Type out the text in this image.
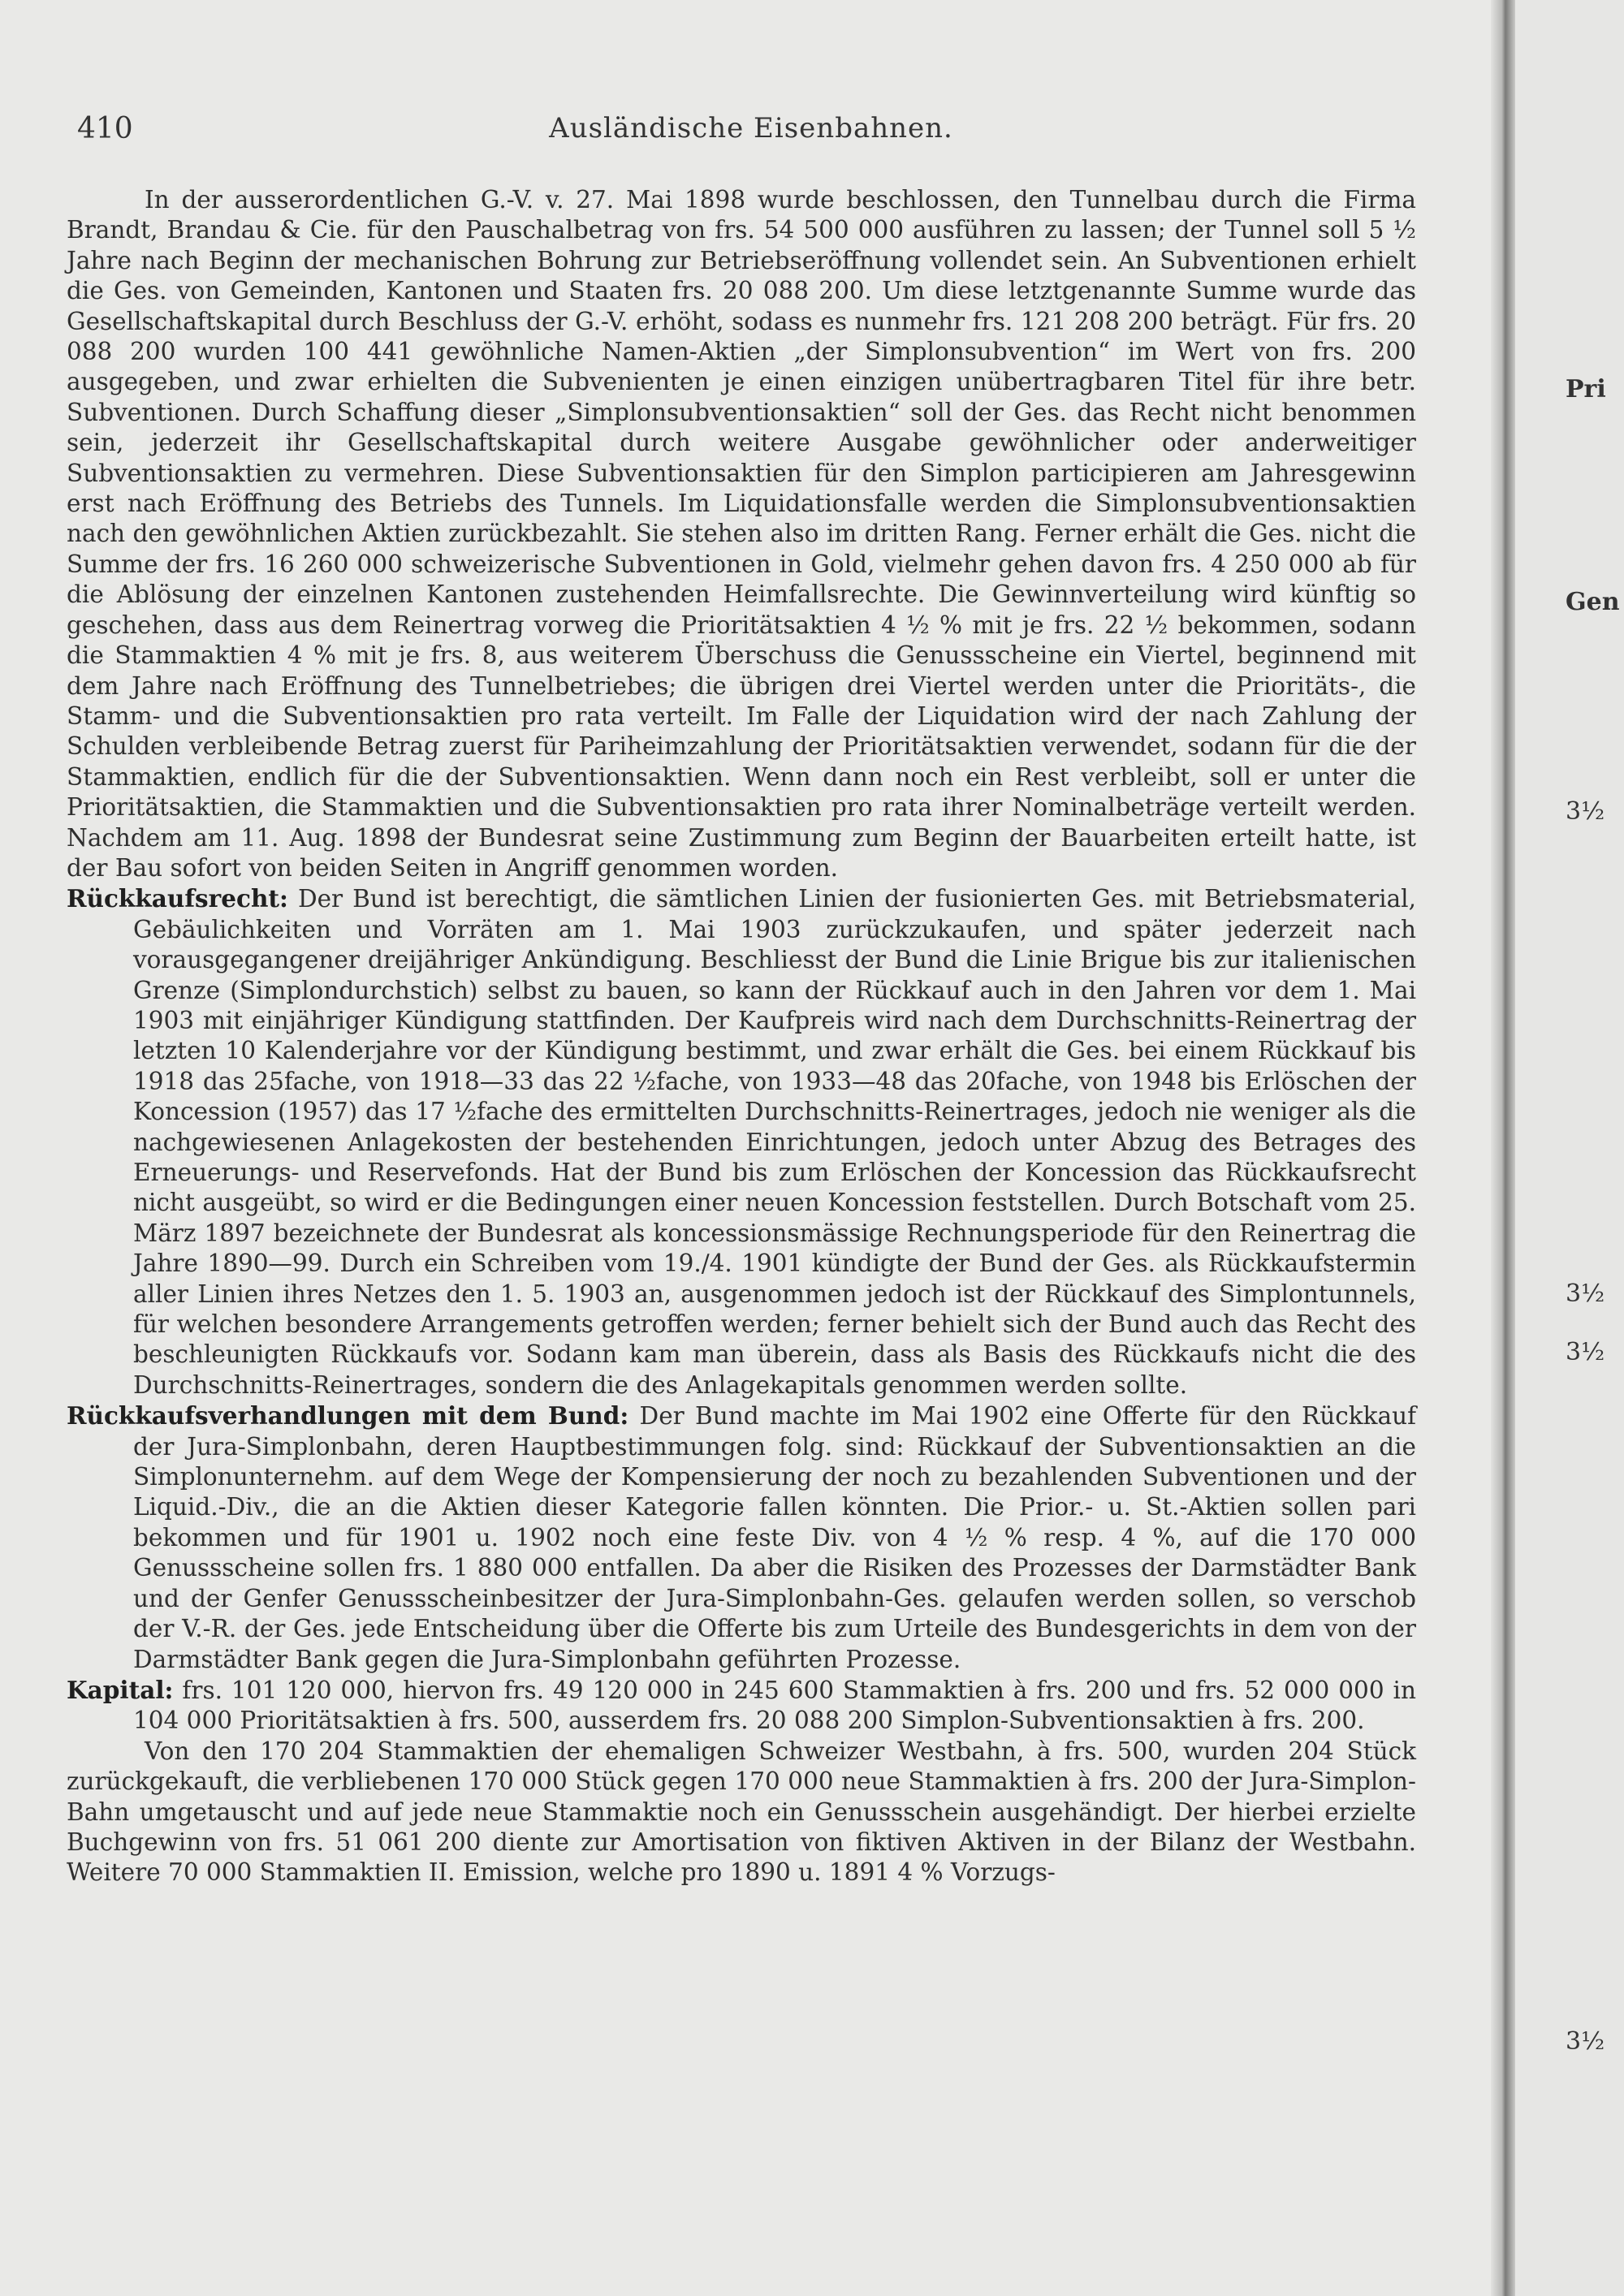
410	Ausländische Eisenbahnen.

In der ausserordentlichen G.-V. v. 27. Mai 1898 wurde beschlossen, den Tunnelbau durch die Firma Brandt, Brandau & Cie. für den Pauschalbetrag von frs. 54 500 000 ausführen zu lassen; der Tunnel soll 5 ½ Jahre nach Beginn der mechanischen Bohrung zur Betriebseröffnung vollendet sein. An Subventionen erhielt die Ges. von Gemeinden, Kantonen und Staaten frs. 20 088 200. Um diese letztgenannte Summe wurde das Gesellschaftskapital durch Beschluss der G.-V. erhöht, sodass es nunmehr frs. 121 208 200 beträgt. Für frs. 20 088 200 wurden 100 441 gewöhnliche Namen-Aktien „der Simplonsubvention“ im Wert von frs. 200 ausgegeben, und zwar erhielten die Subvenienten je einen einzigen unübertragbaren Titel für ihre betr. Subventionen. Durch Schaffung dieser „Simplonsubventionsaktien“ soll der Ges. das Recht nicht benommen sein, jederzeit ihr Gesellschaftskapital durch weitere Ausgabe gewöhnlicher oder anderweitiger Subventionsaktien zu vermehren. Diese Subventionsaktien für den Simplon participieren am Jahresgewinn erst nach Eröffnung des Betriebs des Tunnels. Im Liquidationsfalle werden die Simplonsubventionsaktien nach den gewöhnlichen Aktien zurückbezahlt. Sie stehen also im dritten Rang. Ferner erhält die Ges. nicht die Summe der frs. 16 260 000 schweizerische Subventionen in Gold, vielmehr gehen davon frs. 4 250 000 ab für die Ablösung der einzelnen Kantonen zustehenden Heimfallsrechte. Die Gewinnverteilung wird künftig so geschehen, dass aus dem Reinertrag vorweg die Prioritätsaktien 4 ½ % mit je frs. 22 ½ bekommen, sodann die Stammaktien 4 % mit je frs. 8, aus weiterem Überschuss die Genussscheine ein Viertel, beginnend mit dem Jahre nach Eröffnung des Tunnelbetriebes; die übrigen drei Viertel werden unter die Prioritäts-, die Stamm- und die Subventionsaktien pro rata verteilt. Im Falle der Liquidation wird der nach Zahlung der Schulden verbleibende Betrag zuerst für Pariheimzahlung der Prioritätsaktien verwendet, sodann für die der Stammaktien, endlich für die der Subventionsaktien. Wenn dann noch ein Rest verbleibt, soll er unter die Prioritätsaktien, die Stammaktien und die Subventionsaktien pro rata ihrer Nominalbeträge verteilt werden. Nachdem am 11. Aug. 1898 der Bundesrat seine Zustimmung zum Beginn der Bauarbeiten erteilt hatte, ist der Bau sofort von beiden Seiten in Angriff genommen worden.

Rückkaufsrecht: Der Bund ist berechtigt, die sämtlichen Linien der fusionierten Ges. mit Betriebsmaterial, Gebäulichkeiten und Vorräten am 1. Mai 1903 zurückzukaufen, und später jederzeit nach vorausgegangener dreijähriger Ankündigung. Beschliesst der Bund die Linie Brigue bis zur italienischen Grenze (Simplondurchstich) selbst zu bauen, so kann der Rückkauf auch in den Jahren vor dem 1. Mai 1903 mit einjähriger Kündigung stattfinden. Der Kaufpreis wird nach dem Durchschnitts-Reinertrag der letzten 10 Kalenderjahre vor der Kündigung bestimmt, und zwar erhält die Ges. bei einem Rückkauf bis 1918 das 25fache, von 1918—33 das 22 ½fache, von 1933—48 das 20fache, von 1948 bis Erlöschen der Koncession (1957) das 17 ½fache des ermittelten Durchschnitts-Reinertrages, jedoch nie weniger als die nachgewiesenen Anlagekosten der bestehenden Einrichtungen, jedoch unter Abzug des Betrages des Erneuerungs- und Reservefonds. Hat der Bund bis zum Erlöschen der Koncession das Rückkaufsrecht nicht ausgeübt, so wird er die Bedingungen einer neuen Koncession feststellen. Durch Botschaft vom 25. März 1897 bezeichnete der Bundesrat als koncessionsmässige Rechnungsperiode für den Reinertrag die Jahre 1890—99. Durch ein Schreiben vom 19./4. 1901 kündigte der Bund der Ges. als Rückkaufstermin aller Linien ihres Netzes den 1. 5. 1903 an, ausgenommen jedoch ist der Rückkauf des Simplontunnels, für welchen besondere Arrangements getroffen werden; ferner behielt sich der Bund auch das Recht des beschleunigten Rückkaufs vor. Sodann kam man überein, dass als Basis des Rückkaufs nicht die des Durchschnitts-Reinertrages, sondern die des Anlagekapitals genommen werden sollte.

Rückkaufsverhandlungen mit dem Bund: Der Bund machte im Mai 1902 eine Offerte für den Rückkauf der Jura-Simplonbahn, deren Hauptbestimmungen folg. sind: Rückkauf der Subventionsaktien an die Simplonunternehm. auf dem Wege der Kompensierung der noch zu bezahlenden Subventionen und der Liquid.-Div., die an die Aktien dieser Kategorie fallen könnten. Die Prior.- u. St.-Aktien sollen pari bekommen und für 1901 u. 1902 noch eine feste Div. von 4 ½ % resp. 4 %, auf die 170 000 Genussscheine sollen frs. 1 880 000 entfallen. Da aber die Risiken des Prozesses der Darmstädter Bank und der Genfer Genussscheinbesitzer der Jura-Simplonbahn-Ges. gelaufen werden sollen, so verschob der V.-R. der Ges. jede Entscheidung über die Offerte bis zum Urteile des Bundesgerichts in dem von der Darmstädter Bank gegen die Jura-Simplonbahn geführten Prozesse.

Kapital: frs. 101 120 000, hiervon frs. 49 120 000 in 245 600 Stammaktien à frs. 200 und frs. 52 000 000 in 104 000 Prioritätsaktien à frs. 500, ausserdem frs. 20 088 200 Simplon-Subventionsaktien à frs. 200.

Von den 170 204 Stammaktien der ehemaligen Schweizer Westbahn, à frs. 500, wurden 204 Stück zurückgekauft, die verbliebenen 170 000 Stück gegen 170 000 neue Stammaktien à frs. 200 der Jura-Simplon-Bahn umgetauscht und auf jede neue Stammaktie noch ein Genussschein ausgehändigt. Der hierbei erzielte Buchgewinn von frs. 51 061 200 diente zur Amortisation von fiktiven Aktiven in der Bilanz der Westbahn. Weitere 70 000 Stammaktien II. Emission, welche pro 1890 u. 1891 4 % Vorzugs-

Pri
Gen
3½
3½
3½
3½
